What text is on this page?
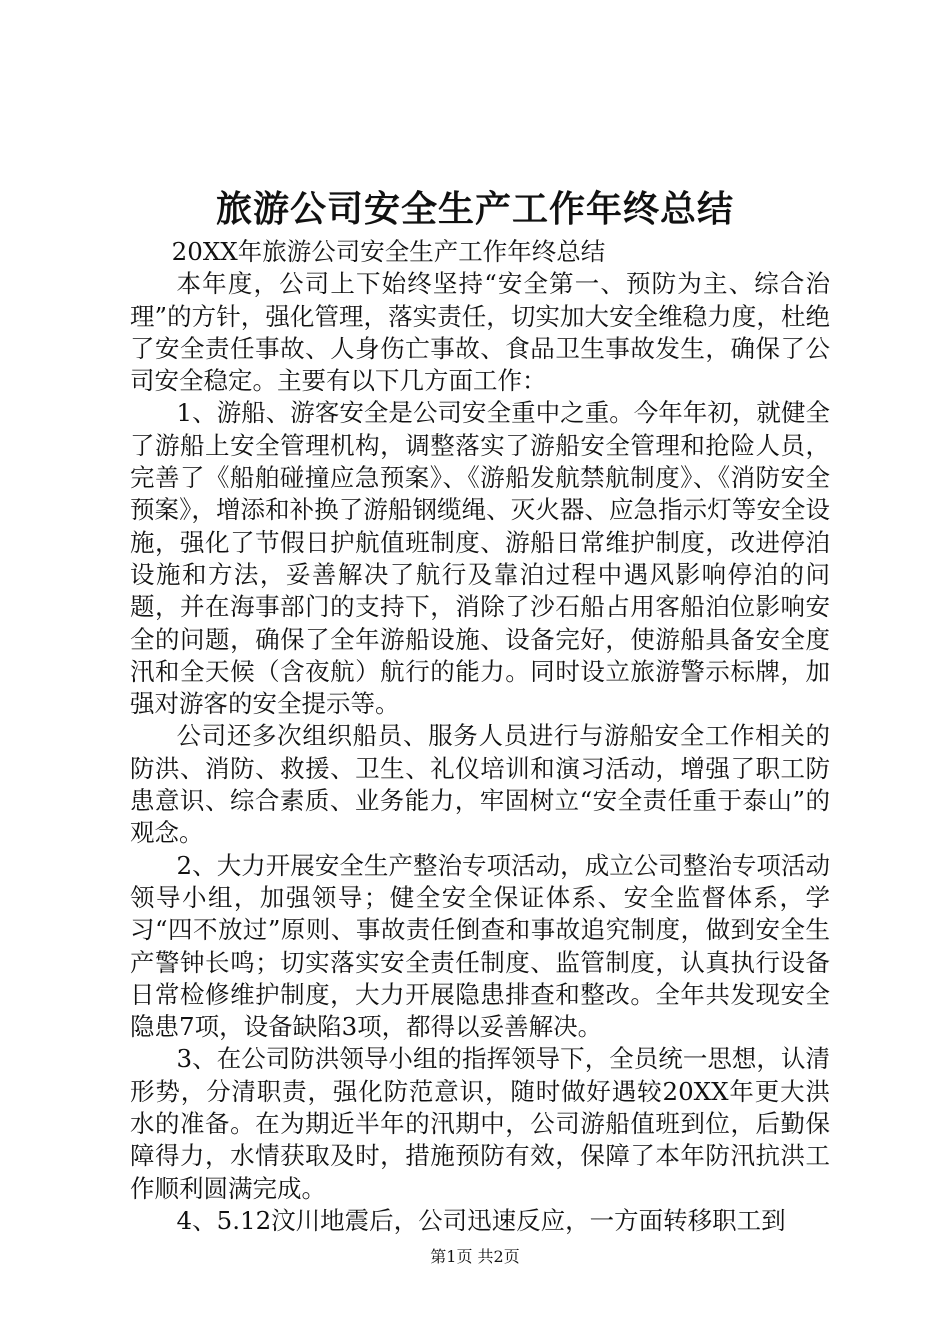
旅游公司安全生产工作年终总结

20XX年旅游公司安全生产工作年终总结

本年度，公司上下始终坚持“安全第一、预防为主、综合治理”的方针，强化管理，落实责任，切实加大安全维稳力度，杜绝了安全责任事故、人身伤亡事故、食品卫生事故发生，确保了公司安全稳定。主要有以下几方面工作：

1、游船、游客安全是公司安全重中之重。今年年初，就健全了游船上安全管理机构，调整落实了游船安全管理和抢险人员，完善了《船舶碰撞应急预案》、《游船发航禁航制度》、《消防安全预案》，增添和补换了游船钢缆绳、灭火器、应急指示灯等安全设施，强化了节假日护航值班制度、游船日常维护制度，改进停泊设施和方法，妥善解决了航行及靠泊过程中遇风影响停泊的问题，并在海事部门的支持下，消除了沙石船占用客船泊位影响安全的问题，确保了全年游船设施、设备完好，使游船具备安全度汛和全天候（含夜航）航行的能力。同时设立旅游警示标牌，加强对游客的安全提示等。

公司还多次组织船员、服务人员进行与游船安全工作相关的防洪、消防、救援、卫生、礼仪培训和演习活动，增强了职工防患意识、综合素质、业务能力，牢固树立“安全责任重于泰山”的观念。

2、大力开展安全生产整治专项活动，成立公司整治专项活动领导小组，加强领导；健全安全保证体系、安全监督体系，学习“四不放过”原则、事故责任倒查和事故追究制度，做到安全生产警钟长鸣；切实落实安全责任制度、监管制度，认真执行设备日常检修维护制度，大力开展隐患排查和整改。全年共发现安全隐患7项，设备缺陷3项，都得以妥善解决。

3、在公司防洪领导小组的指挥领导下，全员统一思想，认清形势，分清职责，强化防范意识，随时做好遇较20XX年更大洪水的准备。在为期近半年的汛期中，公司游船值班到位，后勤保障得力，水情获取及时，措施预防有效，保障了本年防汛抗洪工作顺利圆满完成。

4、5.12汶川地震后，公司迅速反应，一方面转移职工到

第1页 共2页
